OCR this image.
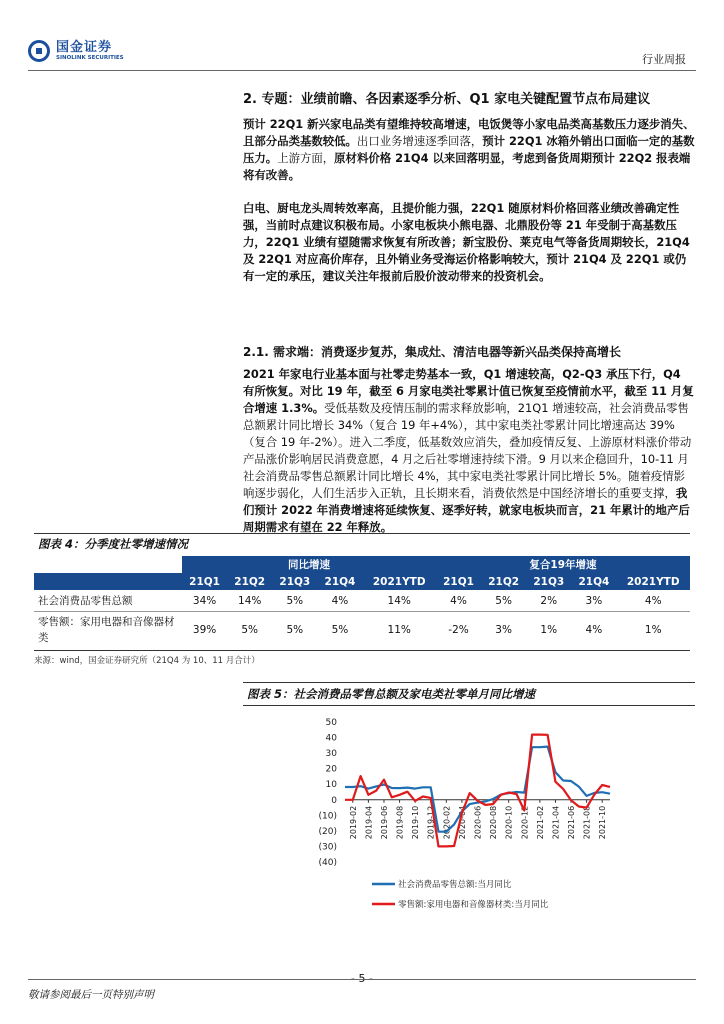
国金证券
SINOLINK SECURITIES	行业周报
2. 专题：业绩前瞻、各因素逐季分析、Q1 家电关键配置节点布局建议

预计 22Q1 新兴家电品类有望维持较高增速，电饭煲等小家电品类高基数压力逐步消失、且部分品类基数较低。出口业务增速逐季回落，预计 22Q1 冰箱外销出口面临一定的基数压力。上游方面，原材料价格 21Q4 以来回落明显，考虑到备货周期预计 22Q2 报表端将有改善。

白电、厨电龙头周转效率高，且提价能力强，22Q1 随原材料价格回落业绩改善确定性强，当前时点建议积极布局。小家电板块小熊电器、北鼎股份等 21 年受制于高基数压力，22Q1 业绩有望随需求恢复有所改善；新宝股份、莱克电气等备货周期较长，21Q4 及 22Q1 对应高价库存，且外销业务受海运价格影响较大，预计 21Q4 及 22Q1 或仍有一定的承压，建议关注年报前后股价波动带来的投资机会。

2.1. 需求端：消费逐步复苏，集成灶、清洁电器等新兴品类保持高增长

2021 年家电行业基本面与社零走势基本一致，Q1 增速较高，Q2-Q3 承压下行，Q4 有所恢复。对比 19 年，截至 6 月家电类社零累计值已恢复至疫情前水平，截至 11 月复合增速 1.3%。受低基数及疫情压制的需求释放影响，21Q1 增速较高，社会消费品零售总额累计同比增长 34%（复合 19 年+4%），其中家电类社零累计同比增速高达 39%（复合 19 年-2%）。进入二季度，低基数效应消失，叠加疫情反复、上游原材料涨价带动产品涨价影响居民消费意愿，4 月之后社零增速持续下滑。9 月以来企稳回升，10-11 月社会消费品零售总额累计同比增长 4%，其中家电类社零累计同比增长 5%。随着疫情影响逐步弱化，人们生活步入正轨，且长期来看，消费依然是中国经济增长的重要支撑，我们预计 2022 年消费增速将延续恢复、逐季好转，就家电板块而言，21 年累计的地产后周期需求有望在 22 年释放。

图表 4：分季度社零增速情况
	同比增速					复合19年增速				
	21Q1	21Q2	21Q3	21Q4	2021YTD	21Q1	21Q2	21Q3	21Q4	2021YTD
社会消费品零售总额	34%	14%	5%	4%	14%	4%	5%	2%	3%	4%
零售额：家用电器和音像器材类	39%	5%	5%	5%	11%	-2%	3%	1%	4%	1%
来源：wind，国金证券研究所（21Q4 为 10、11 月合计）
图表 5：社会消费品零售总额及家电类社零单月同比增速
50
40
30
20
10
0
(10)
(20)
(30)
(40)
2019-02 2019-04 2019-06 2019-08 2019-10 2019-12 2020-02 2020-04 2020-06 2020-08 2020-10 2020-12 2021-02 2021-04 2021-06 2021-08 2021-10
社会消费品零售总额:当月同比
零售额:家用电器和音像器材类:当月同比
- 5 -
敬请参阅最后一页特别声明
